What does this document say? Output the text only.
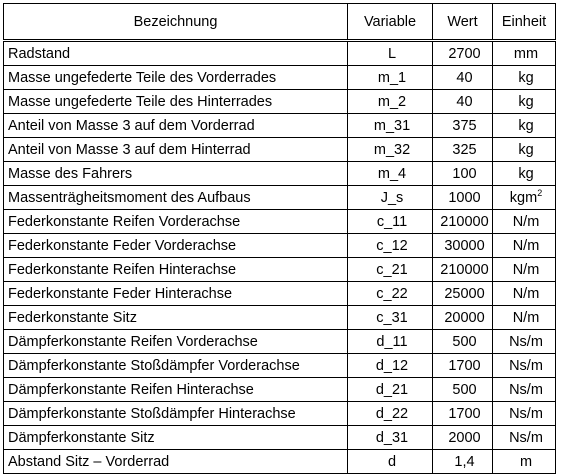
Bezeichnung	Variable	Wert	Einheit
Radstand	L	2700	mm
Masse ungefederte Teile des Vorderrades	m_1	40	kg
Masse ungefederte Teile des Hinterrades	m_2	40	kg
Anteil von Masse 3 auf dem Vorderrad	m_31	375	kg
Anteil von Masse 3 auf dem Hinterrad	m_32	325	kg
Masse des Fahrers	m_4	100	kg
Massenträgheitsmoment des Aufbaus	J_s	1000	kgm$^2$
Federkonstante Reifen Vorderachse	c_11	210000	N/m
Federkonstante Feder Vorderachse	c_12	30000	N/m
Federkonstante Reifen Hinterachse	c_21	210000	N/m
Federkonstante Feder Hinterachse	c_22	25000	N/m
Federkonstante Sitz	c_31	20000	N/m
Dämpferkonstante Reifen Vorderachse	d_11	500	Ns/m
Dämpferkonstante Stoßdämpfer Vorderachse	d_12	1700	Ns/m
Dämpferkonstante Reifen Hinterachse	d_21	500	Ns/m
Dämpferkonstante Stoßdämpfer Hinterachse	d_22	1700	Ns/m
Dämpferkonstante Sitz	d_31	2000	Ns/m
Abstand Sitz – Vorderrad	d	1,4	m
